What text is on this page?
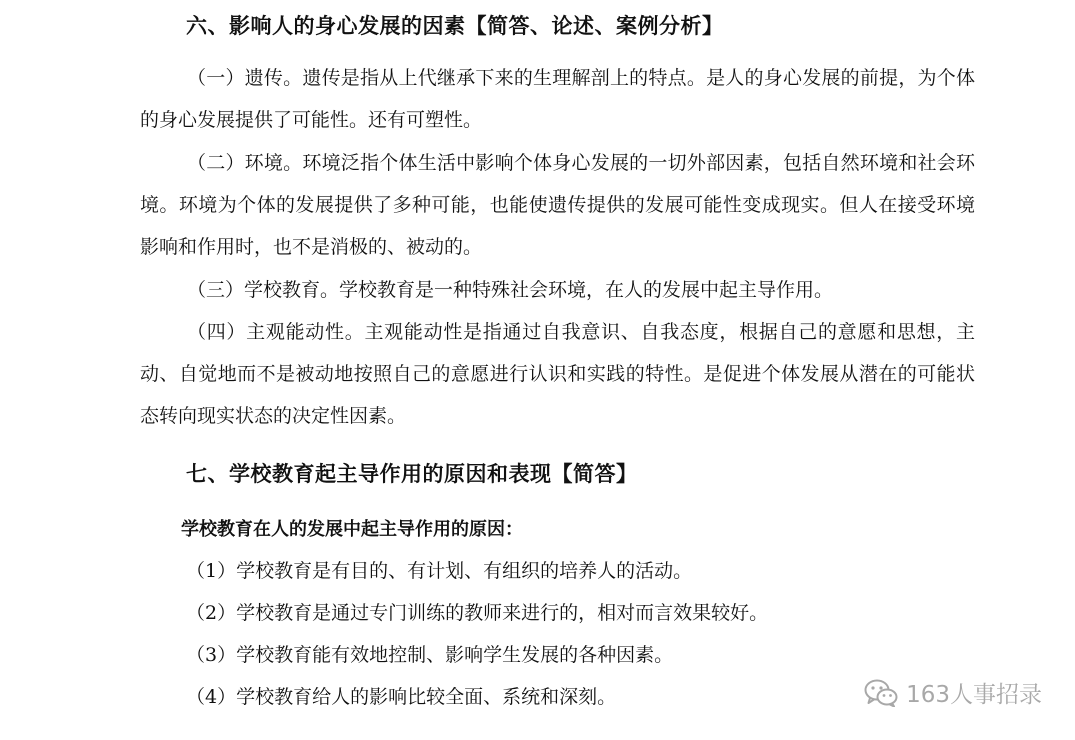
六、影响人的身心发展的因素【简答、论述、案例分析】

（一）遗传。遗传是指从上代继承下来的生理解剖上的特点。是人的身心发展的前提，为个体的身心发展提供了可能性。还有可塑性。

（二）环境。环境泛指个体生活中影响个体身心发展的一切外部因素，包括自然环境和社会环境。环境为个体的发展提供了多种可能，也能使遗传提供的发展可能性变成现实。但人在接受环境影响和作用时，也不是消极的、被动的。

（三）学校教育。学校教育是一种特殊社会环境，在人的发展中起主导作用。

（四）主观能动性。主观能动性是指通过自我意识、自我态度，根据自己的意愿和思想，主动、自觉地而不是被动地按照自己的意愿进行认识和实践的特性。是促进个体发展从潜在的可能状态转向现实状态的决定性因素。

七、学校教育起主导作用的原因和表现【简答】
学校教育在人的发展中起主导作用的原因：
（1）学校教育是有目的、有计划、有组织的培养人的活动。
（2）学校教育是通过专门训练的教师来进行的，相对而言效果较好。
（3）学校教育能有效地控制、影响学生发展的各种因素。
（4）学校教育给人的影响比较全面、系统和深刻。	163人事招录
